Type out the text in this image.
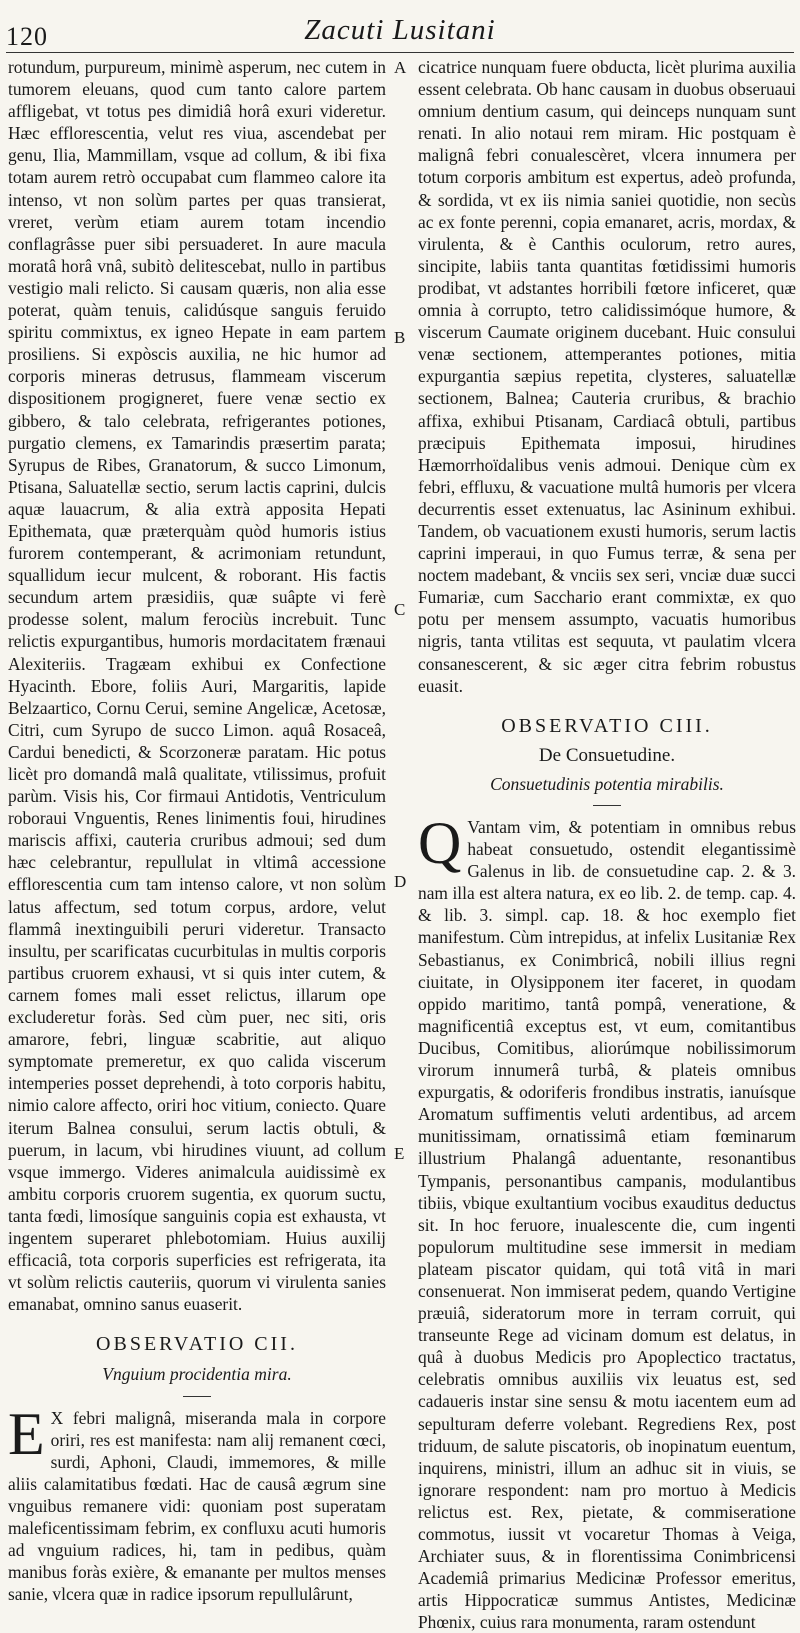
120	Zacuti Lusitani
A
B
C
D
E

rotundum, purpureum, minimè asperum, nec cutem in tumorem eleuans, quod cum tanto calore partem affligebat, vt totus pes dimidiâ horâ exuri videretur. Hæc efflorescentia, velut res viua, ascendebat per genu, Ilia, Mammillam, vsque ad collum, & ibi fixa totam aurem retrò occupabat cum flammeo calore ita intenso, vt non solùm partes per quas transierat, vreret, verùm etiam aurem totam incendio conflagrâsse puer sibi persuaderet. In aure macula moratâ horâ vnâ, subitò delitescebat, nullo in partibus vestigio mali relicto. Si causam quæris, non alia esse poterat, quàm tenuis, calidúsque sanguis feruido spiritu commixtus, ex igneo Hepate in eam partem prosiliens. Si expòscis auxilia, ne hic humor ad corporis mineras detrusus, flammeam viscerum dispositionem progigneret, fuere venæ sectio ex gibbero, & talo celebrata, refrigerantes potiones, purgatio clemens, ex Tamarindis præsertim parata; Syrupus de Ribes, Granatorum, & succo Limonum, Ptisana, Saluatellæ sectio, serum lactis caprini, dulcis aquæ lauacrum, & alia extrà apposita Hepati Epithemata, quæ præterquàm quòd humoris istius furorem contemperant, & acrimoniam retundunt, squallidum iecur mulcent, & roborant. His factis secundum artem præsidiis, quæ suâpte vi ferè prodesse solent, malum ferociùs increbuit. Tunc relictis expurgantibus, humoris mordacitatem frænaui Alexiteriis. Tragæam exhibui ex Confectione Hyacinth. Ebore, foliis Auri, Margaritis, lapide Belzaartico, Cornu Cerui, semine Angelicæ, Acetosæ, Citri, cum Syrupo de succo Limon. aquâ Rosaceâ, Cardui benedicti, & Scorzoneræ paratam. Hic potus licèt pro domandâ malâ qualitate, vtilissimus, profuit parùm. Visis his, Cor firmaui Antidotis, Ventriculum roboraui Vnguentis, Renes linimentis foui, hirudines mariscis affixi, cauteria cruribus admoui; sed dum hæc celebrantur, repullulat in vltimâ accessione efflorescentia cum tam intenso calore, vt non solùm latus affectum, sed totum corpus, ardore, velut flammâ inextinguibili peruri videretur. Transacto insultu, per scarificatas cucurbitulas in multis corporis partibus cruorem exhausi, vt si quis inter cutem, & carnem fomes mali esset relictus, illarum ope excluderetur foràs. Sed cùm puer, nec siti, oris amarore, febri, linguæ scabritie, aut aliquo symptomate premeretur, ex quo calida viscerum intemperies posset deprehendi, à toto corporis habitu, nimio calore affecto, oriri hoc vitium, coniecto. Quare iterum Balnea consului, serum lactis obtuli, & puerum, in lacum, vbi hirudines viuunt, ad collum vsque immergo. Videres animalcula auidissimè ex ambitu corporis cruorem sugentia, ex quorum suctu, tanta fœdi, limosíque sanguinis copia est exhausta, vt ingentem superaret phlebotomiam. Huius auxilij efficaciâ, tota corporis superficies est refrigerata, ita vt solùm relictis cauteriis, quorum vi virulenta sanies emanabat, omnino sanus euaserit.

OBSERVATIO CII.
Vnguium procidentia mira.

E X febri malignâ, miseranda mala in corpore oriri, res est manifesta: nam alij remanent cœci, surdi, Aphoni, Claudi, immemores, & mille aliis calamitatibus fœdati. Hac de causâ ægrum sine vnguibus remanere vidi: quoniam post superatam maleficentissimam febrim, ex confluxu acuti humoris ad vnguium radices, hi, tam in pedibus, quàm manibus foràs exière, & emanante per multos menses sanie, vlcera quæ in radice ipsorum repullulârunt,

cicatrice nunquam fuere obducta, licèt plurima auxilia essent celebrata. Ob hanc causam in duobus obseruaui omnium dentium casum, qui deinceps nunquam sunt renati. In alio notaui rem miram. Hic postquam è malignâ febri conualescèret, vlcera innumera per totum corporis ambitum est expertus, adeò profunda, & sordida, vt ex iis nimia saniei quotidie, non secùs ac ex fonte perenni, copia emanaret, acris, mordax, & virulenta, & è Canthis oculorum, retro aures, sincipite, labiis tanta quantitas fœtidissimi humoris prodibat, vt adstantes horribili fœtore inficeret, quæ omnia à corrupto, tetro calidissimóque humore, & viscerum Caumate originem ducebant. Huic consului venæ sectionem, attemperantes potiones, mitia expurgantia sæpius repetita, clysteres, saluatellæ sectionem, Balnea; Cauteria cruribus, & brachio affixa, exhibui Ptisanam, Cardiacâ obtuli, partibus præcipuis Epithemata imposui, hirudines Hæmorrhoïdalibus venis admoui. Denique cùm ex febri, effluxu, & vacuatione multâ humoris per vlcera decurrentis esset extenuatus, lac Asininum exhibui. Tandem, ob vacuationem exusti humoris, serum lactis caprini imperaui, in quo Fumus terræ, & sena per noctem madebant, & vnciis sex seri, vnciæ duæ succi Fumariæ, cum Sacchario erant commixtæ, ex quo potu per mensem assumpto, vacuatis humoribus nigris, tanta vtilitas est sequuta, vt paulatim vlcera consanescerent, & sic æger citra febrim robustus euasit.

OBSERVATIO CIII.
De Consuetudine.
Consuetudinis potentia mirabilis.

Q Vantam vim, & potentiam in omnibus rebus habeat consuetudo, ostendit elegantissimè Galenus in lib. de consuetudine cap. 2. & 3. nam illa est altera natura, ex eo lib. 2. de temp. cap. 4. & lib. 3. simpl. cap. 18. & hoc exemplo fiet manifestum. Cùm intrepidus, at infelix Lusitaniæ Rex Sebastianus, ex Conimbricâ, nobili illius regni ciuitate, in Olysipponem iter faceret, in quodam oppido maritimo, tantâ pompâ, veneratione, & magnificentiâ exceptus est, vt eum, comitantibus Ducibus, Comitibus, aliorúmque nobilissimorum virorum innumerâ turbâ, & plateis omnibus expurgatis, & odoriferis frondibus instratis, ianuísque Aromatum suffimentis veluti ardentibus, ad arcem munitissimam, ornatissimâ etiam fœminarum illustrium Phalangâ aduentante, resonantibus Tympanis, personantibus campanis, modulantibus tibiis, vbique exultantium vocibus exauditus deductus sit. In hoc feruore, inualescente die, cum ingenti populorum multitudine sese immersit in mediam plateam piscator quidam, qui totâ vitâ in mari consenuerat. Non immiserat pedem, quando Vertigine præuiâ, sideratorum more in terram corruit, qui transeunte Rege ad vicinam domum est delatus, in quâ à duobus Medicis pro Apoplectico tractatus, celebratis omnibus auxiliis vix leuatus est, sed cadaueris instar sine sensu & motu iacentem eum ad sepulturam deferre volebant. Regrediens Rex, post triduum, de salute piscatoris, ob inopinatum euentum, inquirens, ministri, illum an adhuc sit in viuis, se ignorare respondent: nam pro mortuo à Medicis relictus est. Rex, pietate, & commiseratione commotus, iussit vt vocaretur Thomas à Veiga, Archiater suus, & in florentissima Conimbricensi Academiâ primarius Medicinæ Professor emeritus, artis Hippocraticæ summus Antistes, Medicinæ Phœnix, cuius rara monumenta, raram ostendunt
